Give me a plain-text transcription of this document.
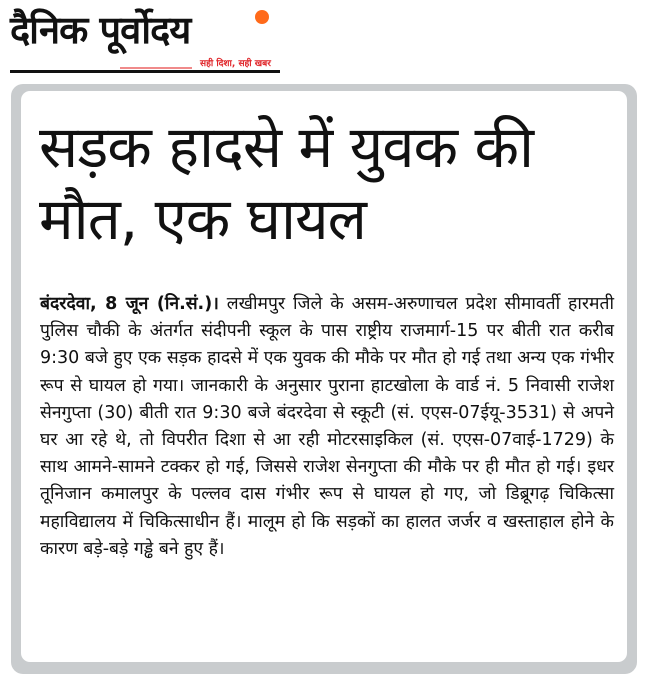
दैनिक पूर्वोदय
सही दिशा, सही खबर
सड़क हादसे में युवक की मौत, एक घायल

बंदरदेवा, 8 जून (नि.सं.)। लखीमपुर जिले के असम-अरुणाचल प्रदेश सीमावर्ती हारमती पुलिस चौकी के अंतर्गत संदीपनी स्कूल के पास राष्ट्रीय राजमार्ग-15 पर बीती रात करीब 9:30 बजे हुए एक सड़क हादसे में एक युवक की मौके पर मौत हो गई तथा अन्य एक गंभीर रूप से घायल हो गया। जानकारी के अनुसार पुराना हाटखोला के वार्ड नं. 5 निवासी राजेश सेनगुप्ता (30) बीती रात 9:30 बजे बंदरदेवा से स्कूटी (सं. एएस-07ईयू-3531) से अपने घर आ रहे थे, तो विपरीत दिशा से आ रही मोटरसाइकिल (सं. एएस-07वाई-1729) के साथ आमने-सामने टक्कर हो गई, जिससे राजेश सेनगुप्ता की मौके पर ही मौत हो गई। इधर तूनिजान कमालपुर के पल्लव दास गंभीर रूप से घायल हो गए, जो डिब्रूगढ़ चिकित्सा महाविद्यालय में चिकित्साधीन हैं। मालूम हो कि सड़कों का हालत जर्जर व खस्ताहाल होने के कारण बड़े-बड़े गड्ढे बने हुए हैं।
